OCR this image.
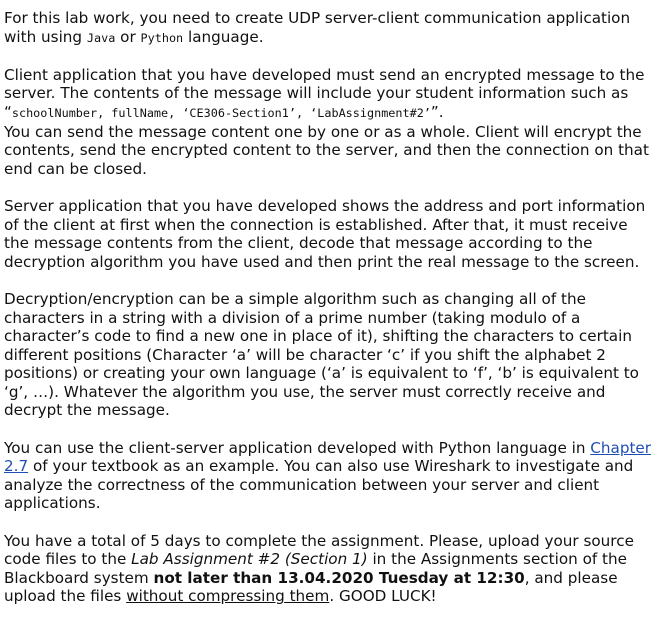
For this lab work, you need to create UDP server-client communication application with using Java or Python language.

Client application that you have developed must send an encrypted message to the server. The contents of the message will include your student information such as “schoolNumber, fullName, ‘CE306-Section1’, ‘LabAssignment#2’”.
You can send the message content one by one or as a whole. Client will encrypt the contents, send the encrypted content to the server, and then the connection on that end can be closed.

Server application that you have developed shows the address and port information of the client at first when the connection is established. After that, it must receive the message contents from the client, decode that message according to the decryption algorithm you have used and then print the real message to the screen.

Decryption/encryption can be a simple algorithm such as changing all of the characters in a string with a division of a prime number (taking modulo of a character’s code to find a new one in place of it), shifting the characters to certain different positions (Character ‘a’ will be character ‘c’ if you shift the alphabet 2 positions) or creating your own language (‘a’ is equivalent to ‘f’, ‘b’ is equivalent to ‘g’, …). Whatever the algorithm you use, the server must correctly receive and decrypt the message.

You can use the client-server application developed with Python language in Chapter 2.7 of your textbook as an example. You can also use Wireshark to investigate and analyze the correctness of the communication between your server and client applications.

You have a total of 5 days to complete the assignment. Please, upload your source code files to the Lab Assignment #2 (Section 1) in the Assignments section of the Blackboard system not later than 13.04.2020 Tuesday at 12:30, and please upload the files without compressing them. GOOD LUCK!
